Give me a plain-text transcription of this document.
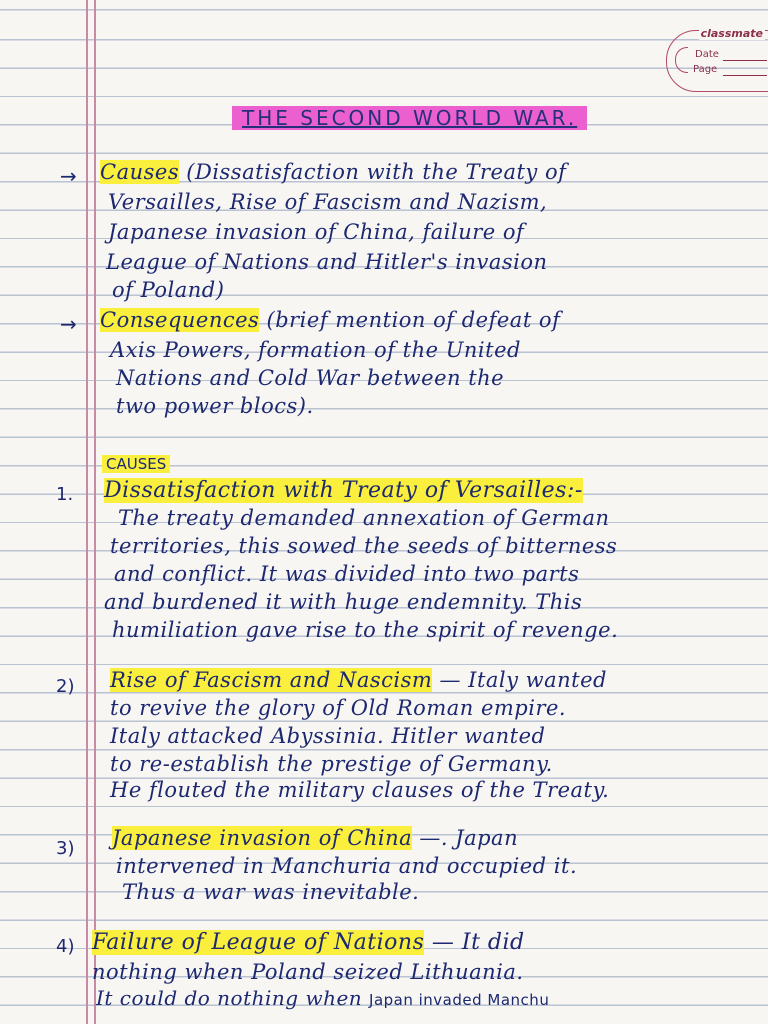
classmate
Date
Page
THE SECOND WORLD WAR.
→ Causes (Dissatisfaction with the Treaty of
Versailles, Rise of Fascism and Nazism,
Japanese invasion of China, failure of
League of Nations and Hitler's invasion
of Poland)
→ Consequences (brief mention of defeat of
Axis Powers, formation of the United
Nations and Cold War between the
two power blocs).
CAUSES
1. Dissatisfaction with Treaty of Versailles:-
The treaty demanded annexation of German
territories, this sowed the seeds of bitterness
and conflict. It was divided into two parts
and burdened it with huge endemnity. This
humiliation gave rise to the spirit of revenge.
2) Rise of Fascism and Nascism — Italy wanted
to revive the glory of Old Roman empire.
Italy attacked Abyssinia. Hitler wanted
to re-establish the prestige of Germany.
He flouted the military clauses of the Treaty.
3) Japanese invasion of China —. Japan
intervened in Manchuria and occupied it.
Thus a war was inevitable.
4) Failure of League of Nations — It did
nothing when Poland seized Lithuania.
It could do nothing when Japan invaded Manchu
